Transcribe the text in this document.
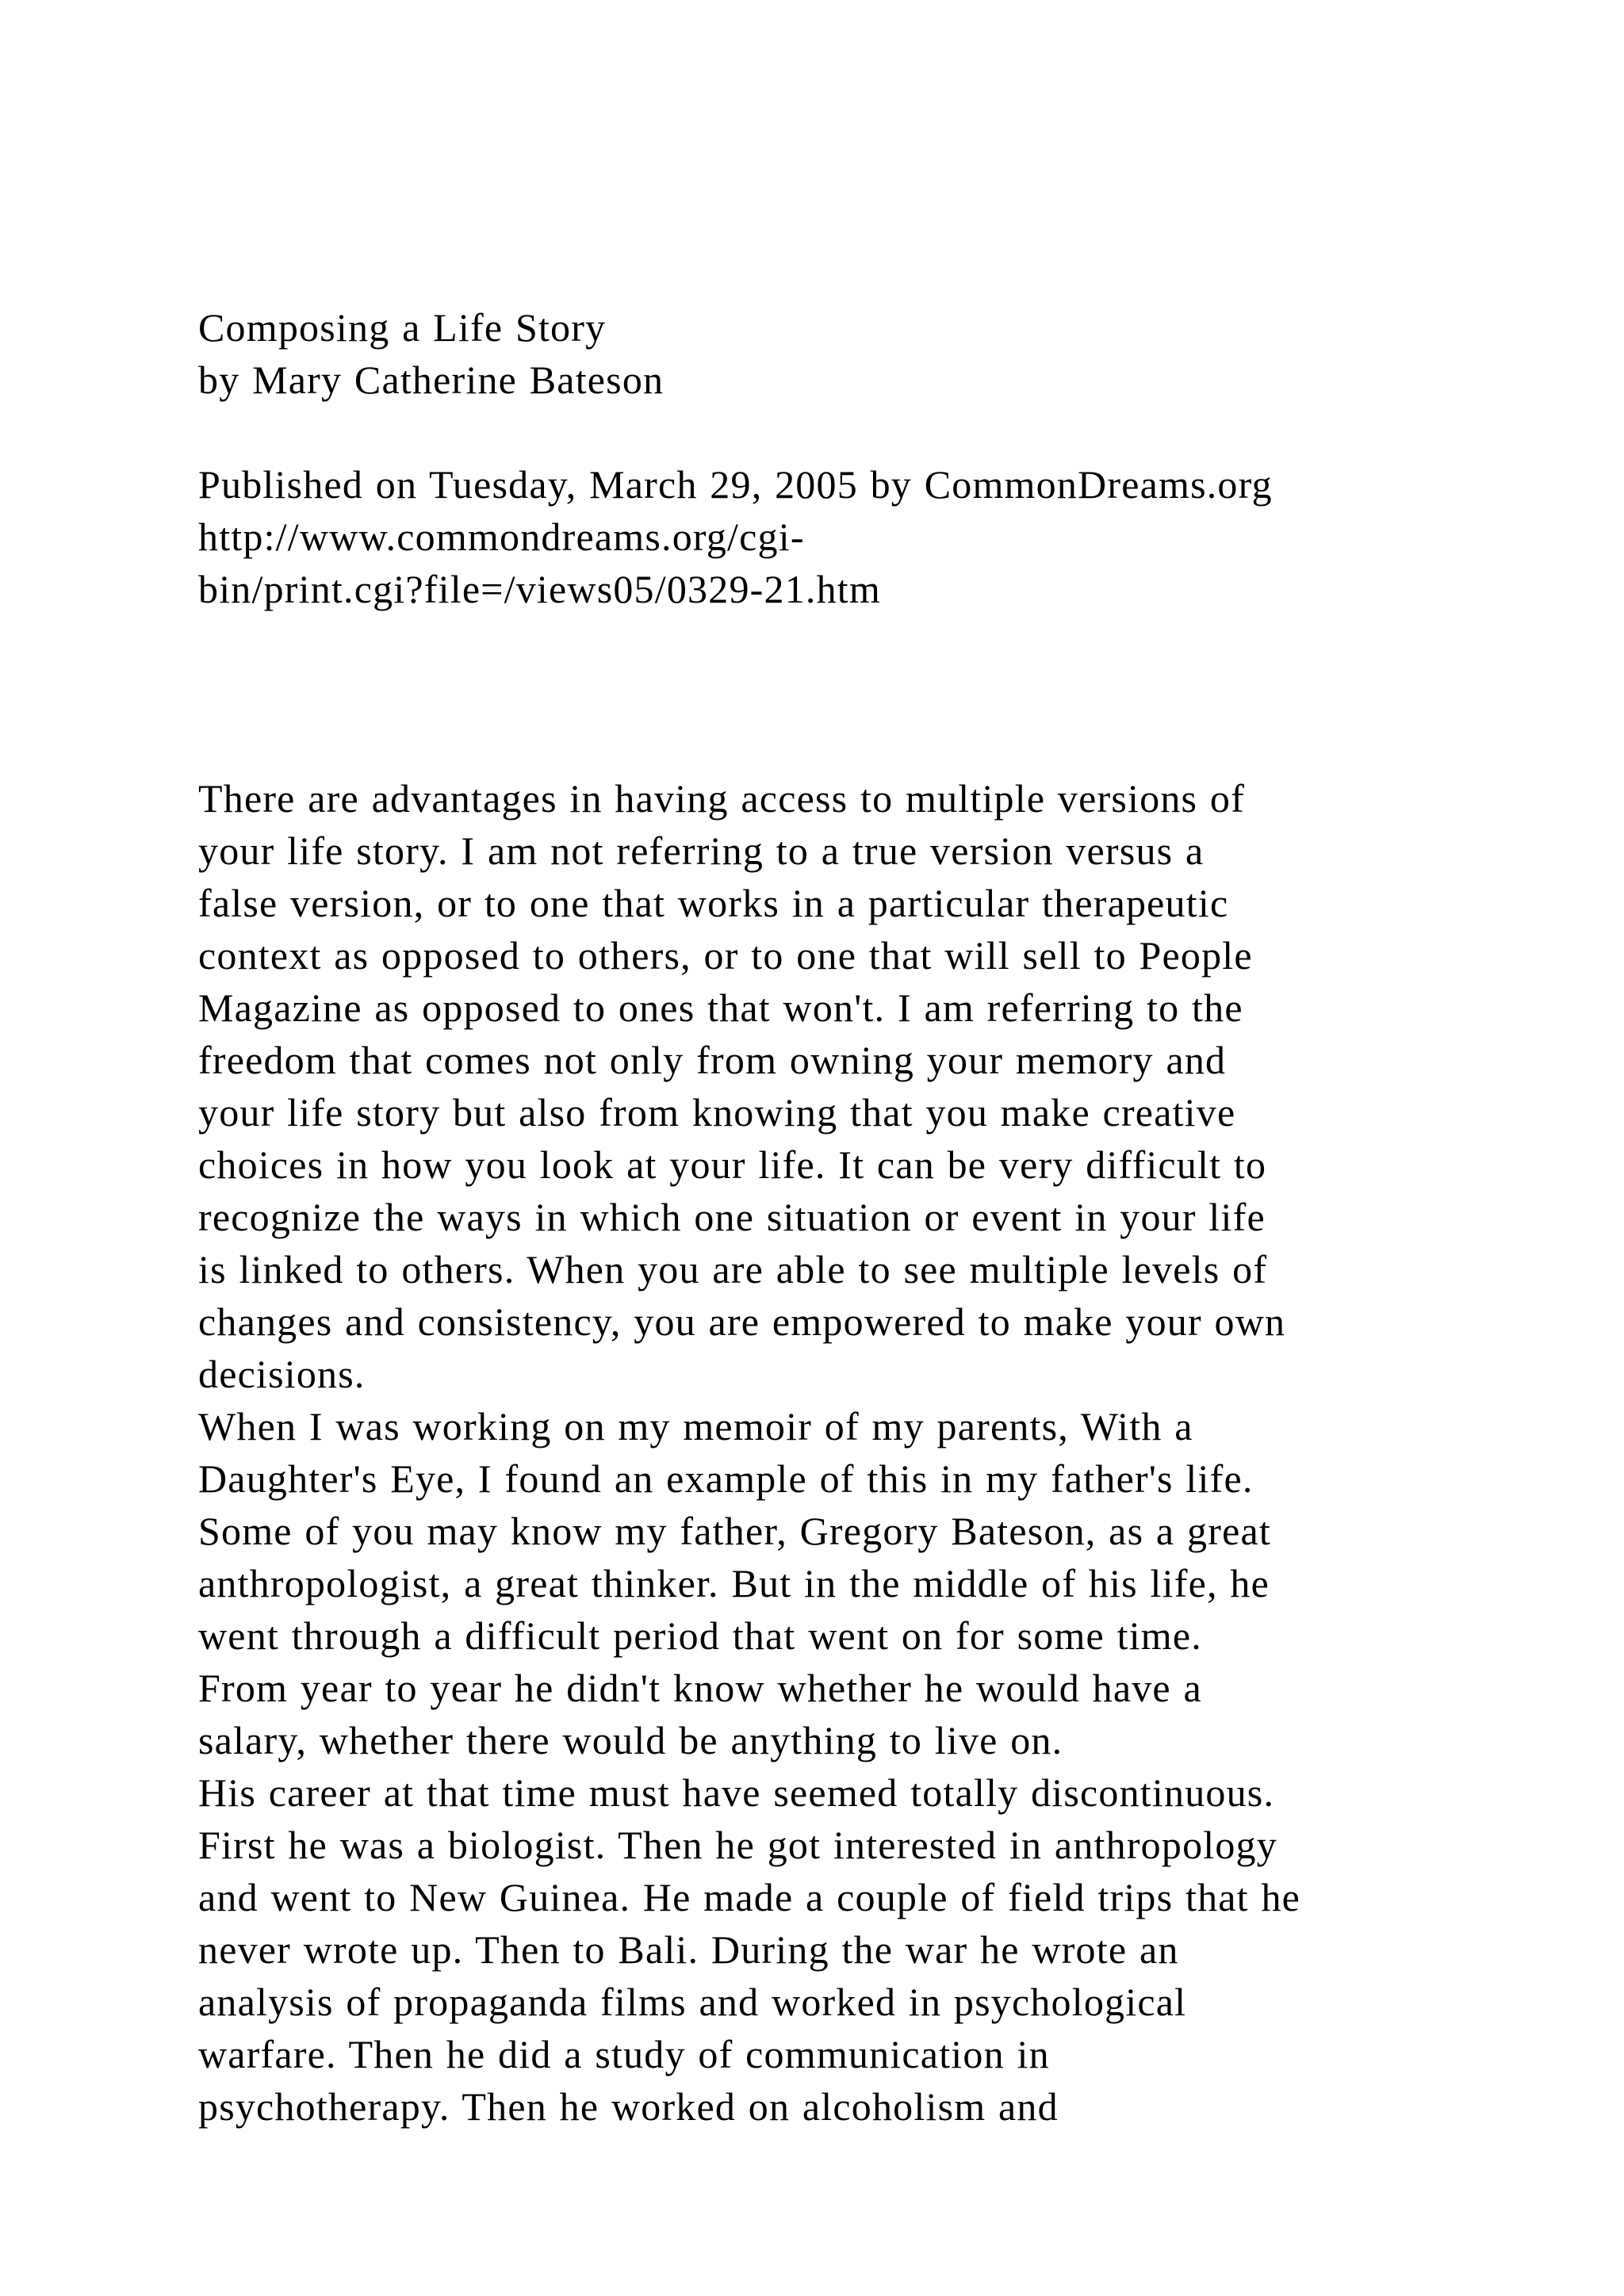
Composing a Life Story
by Mary Catherine Bateson
Published on Tuesday, March 29, 2005 by CommonDreams.org
http://www.commondreams.org/cgi-
bin/print.cgi?file=/views05/0329-21.htm
There are advantages in having access to multiple versions of
your life story. I am not referring to a true version versus a
false version, or to one that works in a particular therapeutic
context as opposed to others, or to one that will sell to People
Magazine as opposed to ones that won't. I am referring to the
freedom that comes not only from owning your memory and
your life story but also from knowing that you make creative
choices in how you look at your life. It can be very difficult to
recognize the ways in which one situation or event in your life
is linked to others. When you are able to see multiple levels of
changes and consistency, you are empowered to make your own
decisions.
When I was working on my memoir of my parents, With a
Daughter's Eye, I found an example of this in my father's life.
Some of you may know my father, Gregory Bateson, as a great
anthropologist, a great thinker. But in the middle of his life, he
went through a difficult period that went on for some time.
From year to year he didn't know whether he would have a
salary, whether there would be anything to live on.
His career at that time must have seemed totally discontinuous.
First he was a biologist. Then he got interested in anthropology
and went to New Guinea. He made a couple of field trips that he
never wrote up. Then to Bali. During the war he wrote an
analysis of propaganda films and worked in psychological
warfare. Then he did a study of communication in
psychotherapy. Then he worked on alcoholism and
